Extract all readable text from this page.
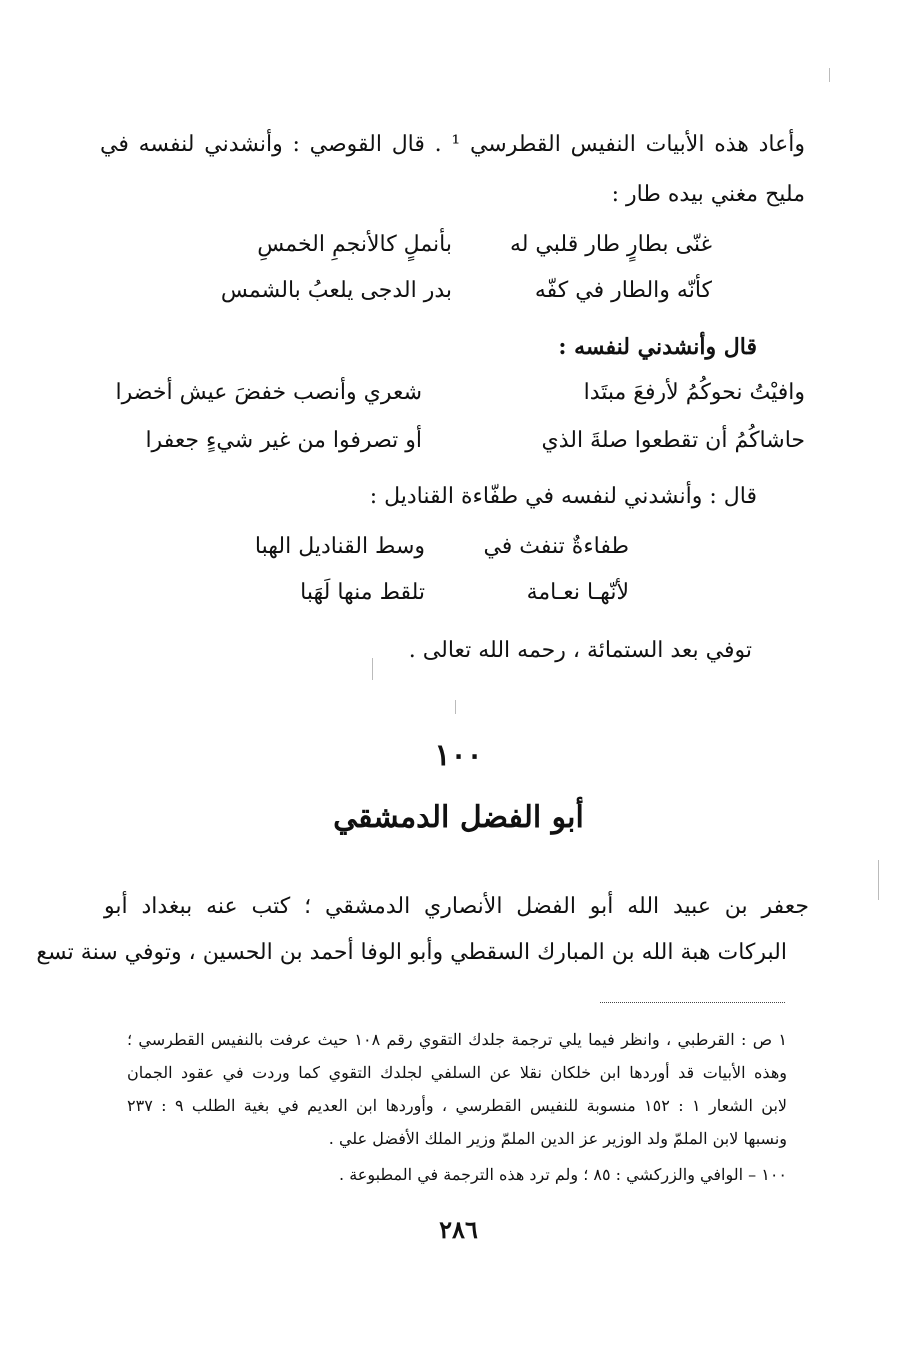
وأعاد هذه الأبيات النفيس القطرسي ¹ . قال القوصي : وأنشدني لنفسه في
مليح مغني بيده طار :
غنّى بطارٍ طار قلبي له
بأنملٍ كالأنجمِ الخمسِ
كأنّه والطار في كفّه
بدر الدجى يلعبُ بالشمس
قال وأنشدني لنفسه :
وافيْتُ نحوكُمُ لأرفعَ مبتَدا
شعري وأنصب خفضَ عيش أخضرا
حاشاكُمُ أن تقطعوا صلةَ الذي
أو تصرفوا من غير شيءٍ جعفرا
قال : وأنشدني لنفسه في طفّاءة القناديل :
طفاءةٌ تنفث في
وسط القناديل الهبا
لأنّهـا نعـامة
تلقط منها لَهَبا
توفي بعد الستمائة ، رحمه الله تعالى .
١٠٠
أبو الفضل الدمشقي
جعفر بن عبيد الله أبو الفضل الأنصاري الدمشقي ؛ كتب عنه ببغداد أبو
البركات هبة الله بن المبارك السقطي وأبو الوفا أحمد بن الحسين ، وتوفي سنة تسع
١ ص : القرطبي ، وانظر فيما يلي ترجمة جلدك التقوي رقم ١٠٨ حيث عرفت بالنفيس القطرسي ؛
وهذه الأبيات قد أوردها ابن خلكان نقلا عن السلفي لجلدك التقوي كما وردت في عقود الجمان
لابن الشعار ١ : ١٥٢ منسوبة للنفيس القطرسي ، وأوردها ابن العديم في بغية الطلب ٩ : ٢٣٧
ونسبها لابن الملمّ ولد الوزير عز الدين الملمّ وزير الملك الأفضل علي .
١٠٠ – الوافي والزركشي : ٨٥ ؛ ولم ترد هذه الترجمة في المطبوعة .
٢٨٦
